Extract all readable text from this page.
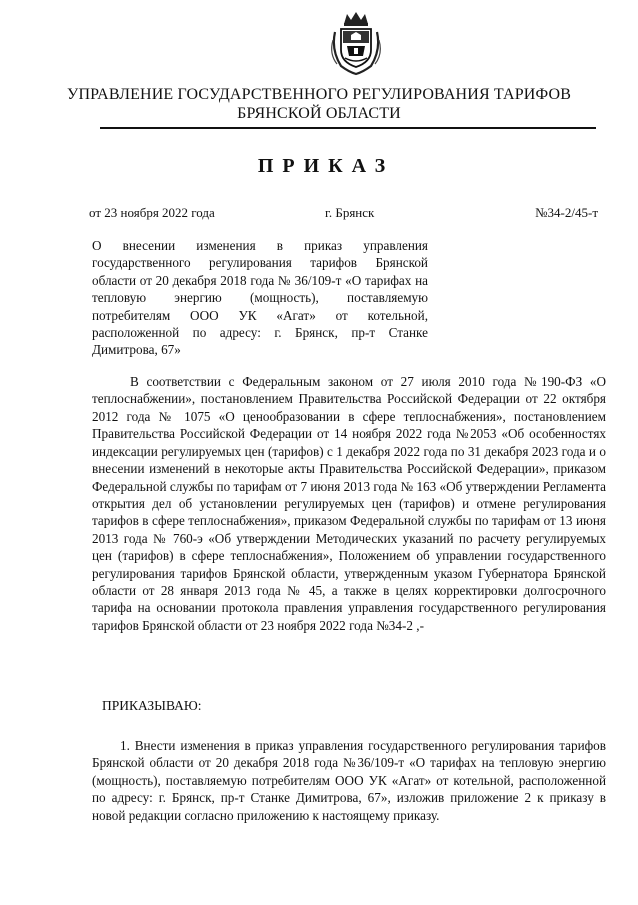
УПРАВЛЕНИЕ ГОСУДАРСТВЕННОГО РЕГУЛИРОВАНИЯ ТАРИФОВ
БРЯНСКОЙ ОБЛАСТИ
ПРИКАЗ
от 23 ноября 2022 года	г. Брянск	№34-2/45-т

О внесении изменения в приказ управления государственного регулирования тарифов Брянской области от 20 декабря 2018 года № 36/109-т «О тарифах на тепловую энергию (мощность), поставляемую потребителям ООО УК «Агат» от котельной, расположенной по адресу: г. Брянск, пр-т Станке Димитрова, 67»

В соответствии с Федеральным законом от 27 июля 2010 года №190-ФЗ «О теплоснабжении», постановлением Правительства Российской Федерации от 22 октября 2012 года № 1075 «О ценообразовании в сфере теплоснабжения», постановлением Правительства Российской Федерации от 14 ноября 2022 года №2053 «Об особенностях индексации регулируемых цен (тарифов) с 1 декабря 2022 года по 31 декабря 2023 года и о внесении изменений в некоторые акты Правительства Российской Федерации», приказом Федеральной службы по тарифам от 7 июня 2013 года № 163 «Об утверждении Регламента открытия дел об установлении регулируемых цен (тарифов) и отмене регулирования тарифов в сфере теплоснабжения», приказом Федеральной службы по тарифам от 13 июня 2013 года № 760-э «Об утверждении Методических указаний по расчету регулируемых цен (тарифов) в сфере теплоснабжения», Положением об управлении государственного регулирования тарифов Брянской области, утвержденным указом Губернатора Брянской области от 28 января 2013 года № 45, а также в целях корректировки долгосрочного тарифа на основании протокола правления управления государственного регулирования тарифов Брянской области от 23 ноября 2022 года №34-2 ,-

ПРИКАЗЫВАЮ:

1. Внести изменения в приказ управления государственного регулирования тарифов Брянской области от 20 декабря 2018 года №36/109-т «О тарифах на тепловую энергию (мощность), поставляемую потребителям ООО УК «Агат» от котельной, расположенной по адресу: г. Брянск, пр-т Станке Димитрова, 67», изложив приложение 2 к приказу в новой редакции согласно приложению к настоящему приказу.
